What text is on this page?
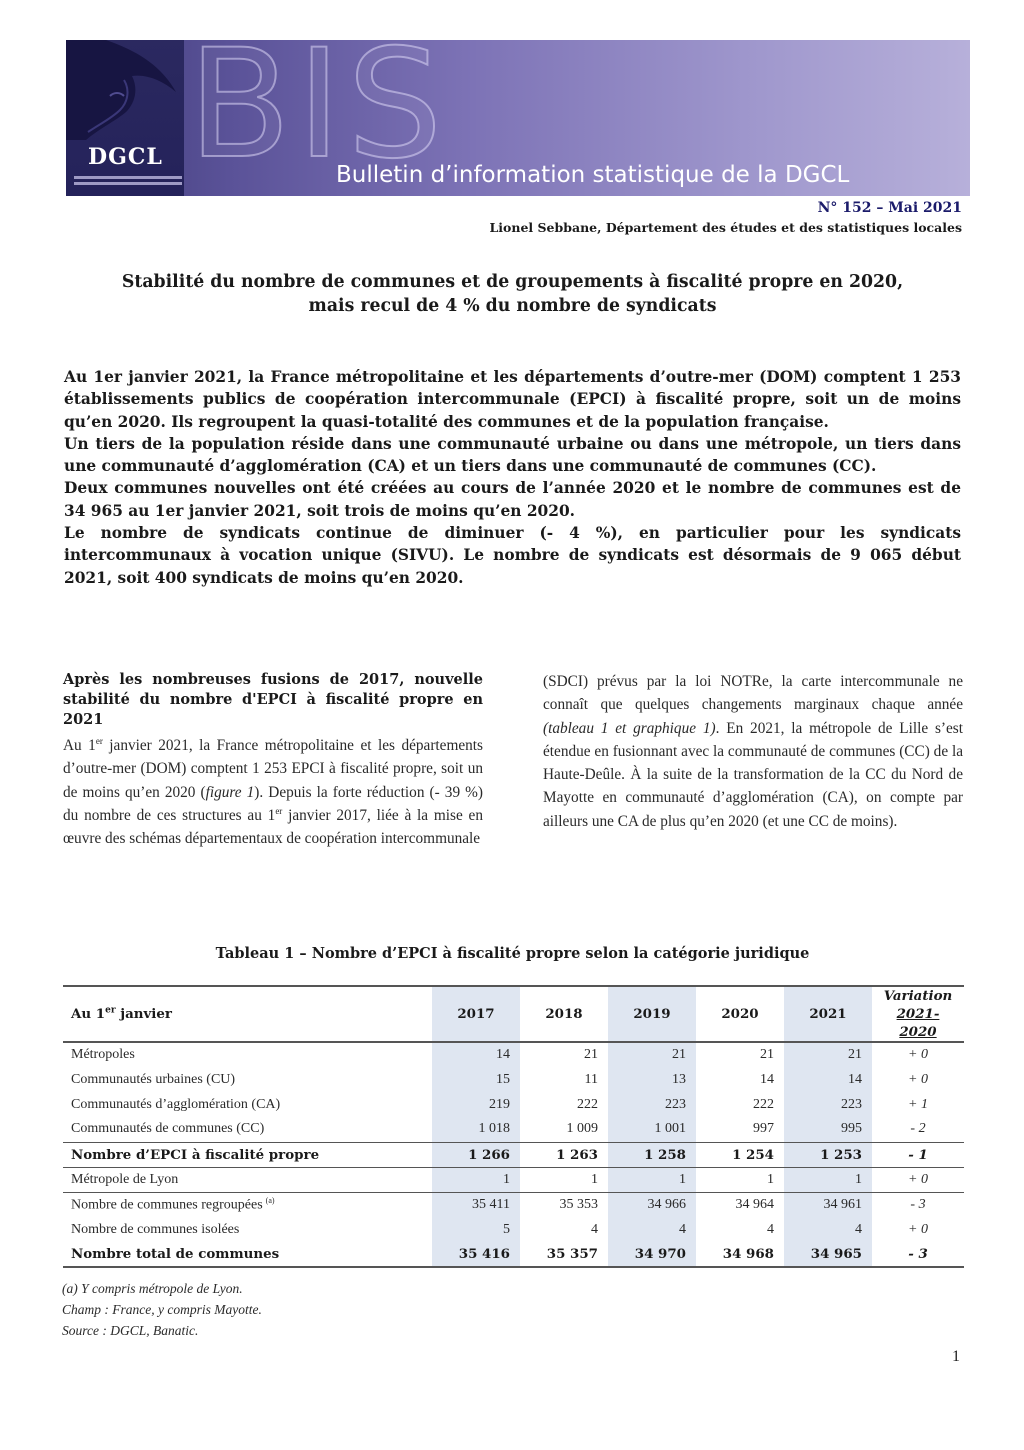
DGCL BIS
Bulletin d’information statistique de la DGCL
N° 152 – Mai 2021
Lionel Sebbane, Département des études et des statistiques locales
Stabilité du nombre de communes et de groupements à fiscalité propre en 2020,
mais recul de 4 % du nombre de syndicats

Au 1er janvier 2021, la France métropolitaine et les départements d’outre-mer (DOM) comptent 1 253 établissements publics de coopération intercommunale (EPCI) à fiscalité propre, soit un de moins qu’en 2020. Ils regroupent la quasi-totalité des communes et de la population française.

Un tiers de la population réside dans une communauté urbaine ou dans une métropole, un tiers dans une communauté d’agglomération (CA) et un tiers dans une communauté de communes (CC).

Deux communes nouvelles ont été créées au cours de l’année 2020 et le nombre de communes est de 34 965 au 1er janvier 2021, soit trois de moins qu’en 2020.

Le nombre de syndicats continue de diminuer (- 4 %), en particulier pour les syndicats intercommunaux à vocation unique (SIVU). Le nombre de syndicats est désormais de 9 065 début 2021, soit 400 syndicats de moins qu’en 2020.

Après les nombreuses fusions de 2017, nouvelle stabilité du nombre d'EPCI à fiscalité propre en 2021

Au 1er janvier 2021, la France métropolitaine et les départements d’outre-mer (DOM) comptent 1 253 EPCI à fiscalité propre, soit un de moins qu’en 2020 (figure 1). Depuis la forte réduction (- 39 %) du nombre de ces structures au 1er janvier 2017, liée à la mise en œuvre des schémas départementaux de coopération intercommunale

(SDCI) prévus par la loi NOTRe, la carte intercommunale ne connaît que quelques changements marginaux chaque année (tableau 1 et graphique 1). En 2021, la métropole de Lille s’est étendue en fusionnant avec la communauté de communes (CC) de la Haute-Deûle. À la suite de la transformation de la CC du Nord de Mayotte en communauté d’agglomération (CA), on compte par ailleurs une CA de plus qu’en 2020 (et une CC de moins).

Tableau 1 – Nombre d’EPCI à fiscalité propre selon la catégorie juridique
Au 1er janvier	2017	2018	2019	2020	2021	Variation
2021-2020

Métropoles	14	21	21	21	21	+ 0
Communautés urbaines (CU)	15	11	13	14	14	+ 0
Communautés d’agglomération (CA)	219	222	223	222	223	+ 1
Communautés de communes (CC)	1 018	1 009	1 001	997	995	- 2
Nombre d’EPCI à fiscalité propre	1 266	1 263	1 258	1 254	1 253	- 1
Métropole de Lyon	1	1	1	1	1	+ 0
Nombre de communes regroupées $^{(a)}$	35 411	35 353	34 966	34 964	34 961	- 3
Nombre de communes isolées	5	4	4	4	4	+ 0
Nombre total de communes	35 416	35 357	34 970	34 968	34 965	- 3

(a) Y compris métropole de Lyon.

Champ : France, y compris Mayotte.

Source : DGCL, Banatic.

1
